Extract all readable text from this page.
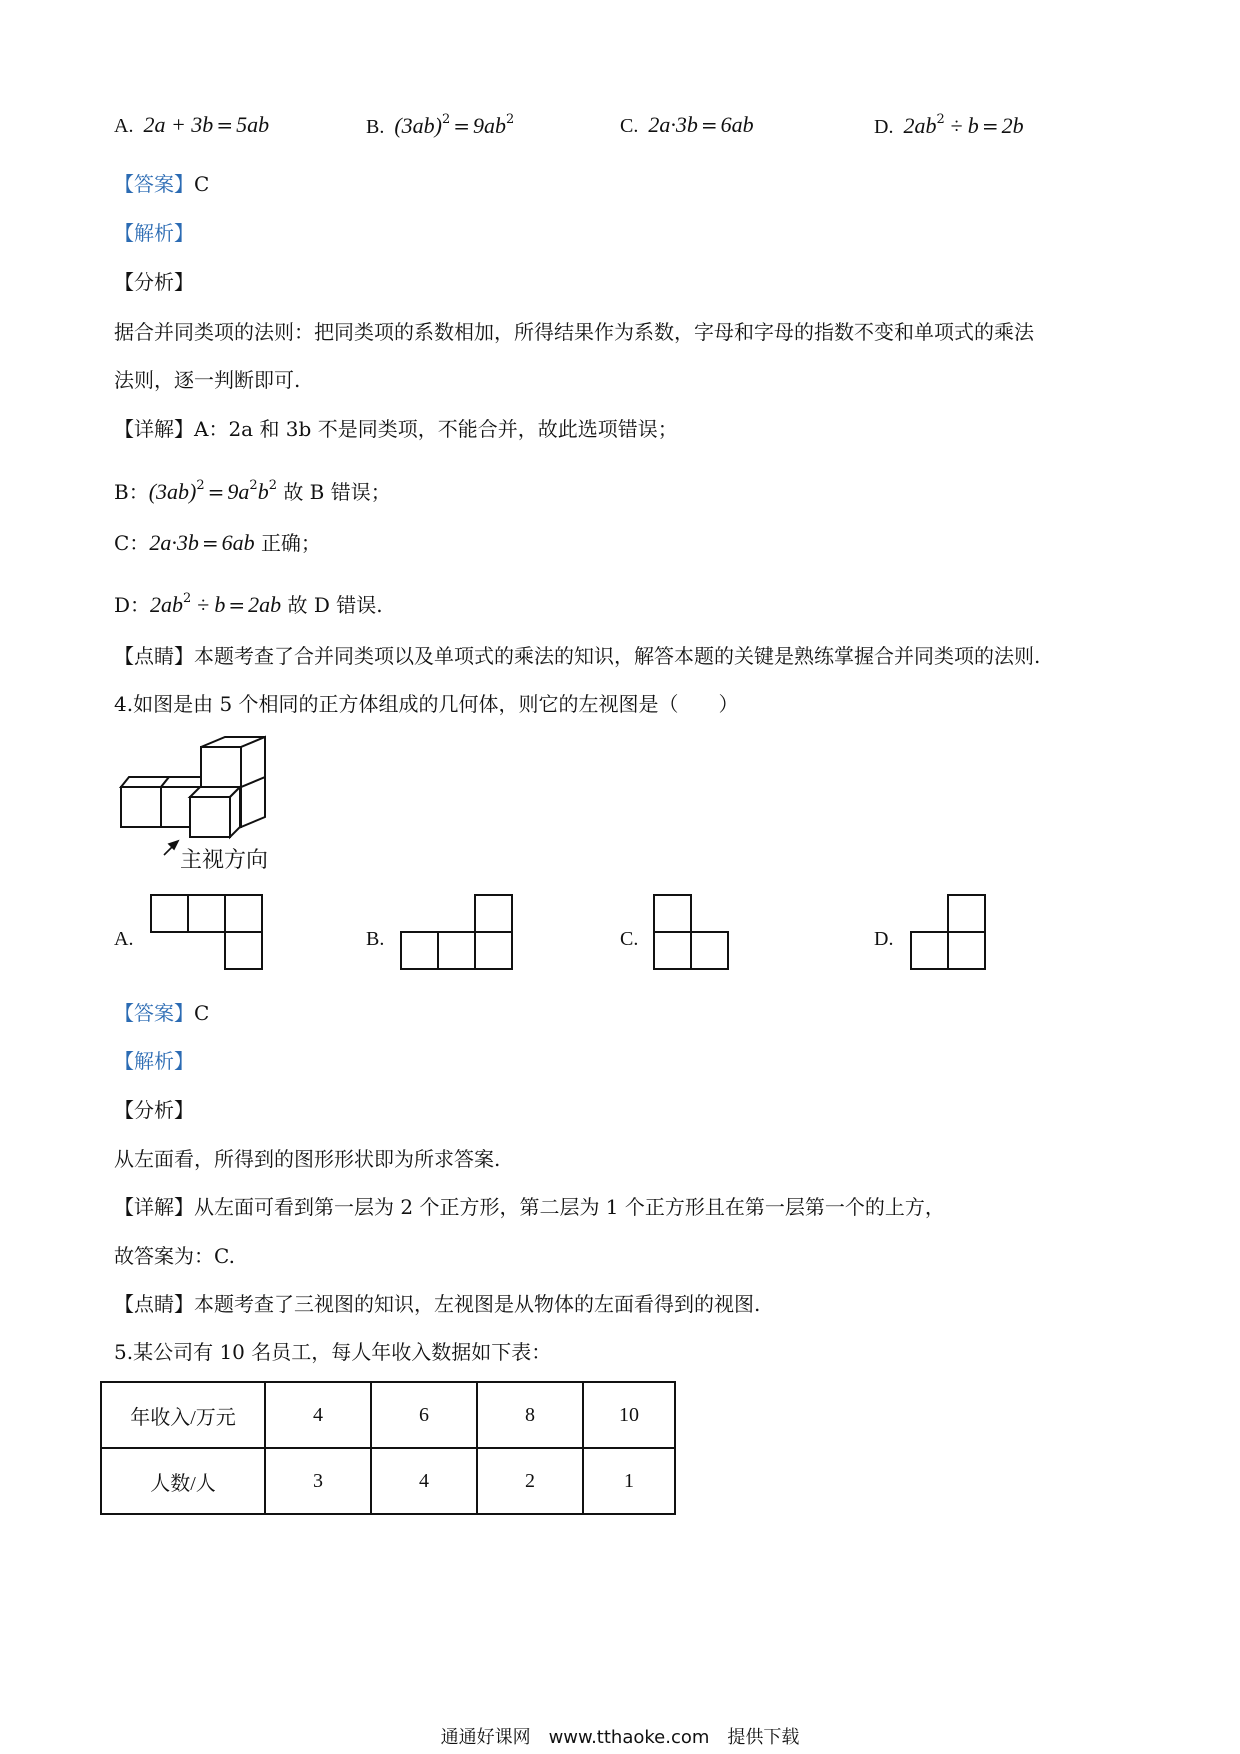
A. 2a + 3b = 5ab	B. $(3ab)^2 = 9ab^2$	C. 2a·3b = 6ab	D. $2ab^2 \div b = 2b$
【答案】C
【解析】
【分析】
据合并同类项的法则：把同类项的系数相加，所得结果作为系数，字母和字母的指数不变和单项式的乘法
法则，逐一判断即可.
【详解】A：2a 和 3b 不是同类项，不能合并，故此选项错误；
B：$(3ab)^2 = 9a^2b^2$ 故 B 错误；
C：2a·3b = 6ab 正确；
D：$2ab^2 \div b = 2ab$ 故 D 错误.
【点睛】本题考查了合并同类项以及单项式的乘法的知识，解答本题的关键是熟练掌握合并同类项的法则.
4.如图是由 5 个相同的正方体组成的几何体，则它的左视图是（　　）
主视方向
A.	B.	C.	D.
【答案】C
【解析】
【分析】
从左面看，所得到的图形形状即为所求答案.
【详解】从左面可看到第一层为 2 个正方形，第二层为 1 个正方形且在第一层第一个的上方，
故答案为：C.
【点睛】本题考查了三视图的知识，左视图是从物体的左面看得到的视图.
5.某公司有 10 名员工，每人年收入数据如下表：
年收入/万元	4	6	8	10
人数/人	3	4	2	1
通通好课网　www.tthaoke.com　提供下载
